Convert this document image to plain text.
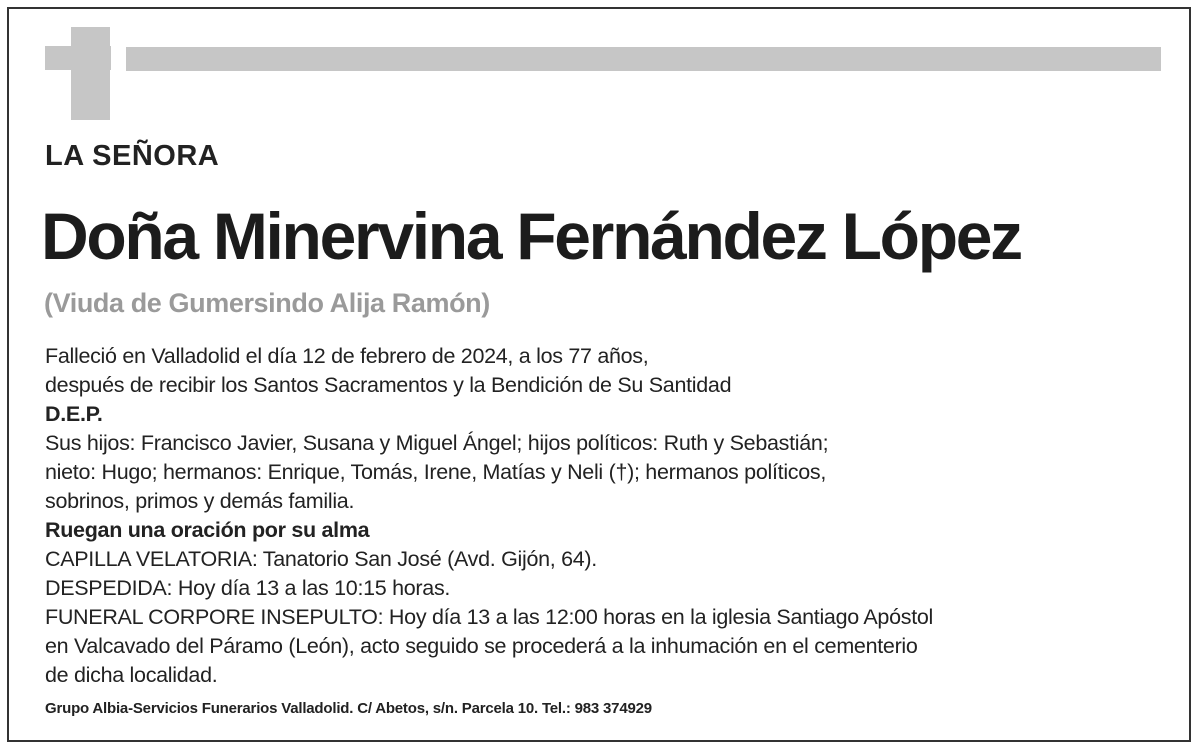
LA SEÑORA
Doña Minervina Fernández López
(Viuda de Gumersindo Alija Ramón)
Falleció en Valladolid el día 12 de febrero de 2024, a los 77 años,
después de recibir los Santos Sacramentos y la Bendición de Su Santidad
D.E.P.
Sus hijos: Francisco Javier, Susana y Miguel Ángel; hijos políticos: Ruth y Sebastián;
nieto: Hugo; hermanos: Enrique, Tomás, Irene, Matías y Neli (†); hermanos políticos,
sobrinos, primos y demás familia.
Ruegan una oración por su alma
CAPILLA VELATORIA: Tanatorio San José (Avd. Gijón, 64).
DESPEDIDA: Hoy día 13 a las 10:15 horas.
FUNERAL CORPORE INSEPULTO: Hoy día 13 a las 12:00 horas en la iglesia Santiago Apóstol
en Valcavado del Páramo (León), acto seguido se procederá a la inhumación en el cementerio
de dicha localidad.
Grupo Albia-Servicios Funerarios Valladolid. C/ Abetos, s/n. Parcela 10. Tel.: 983 374929
